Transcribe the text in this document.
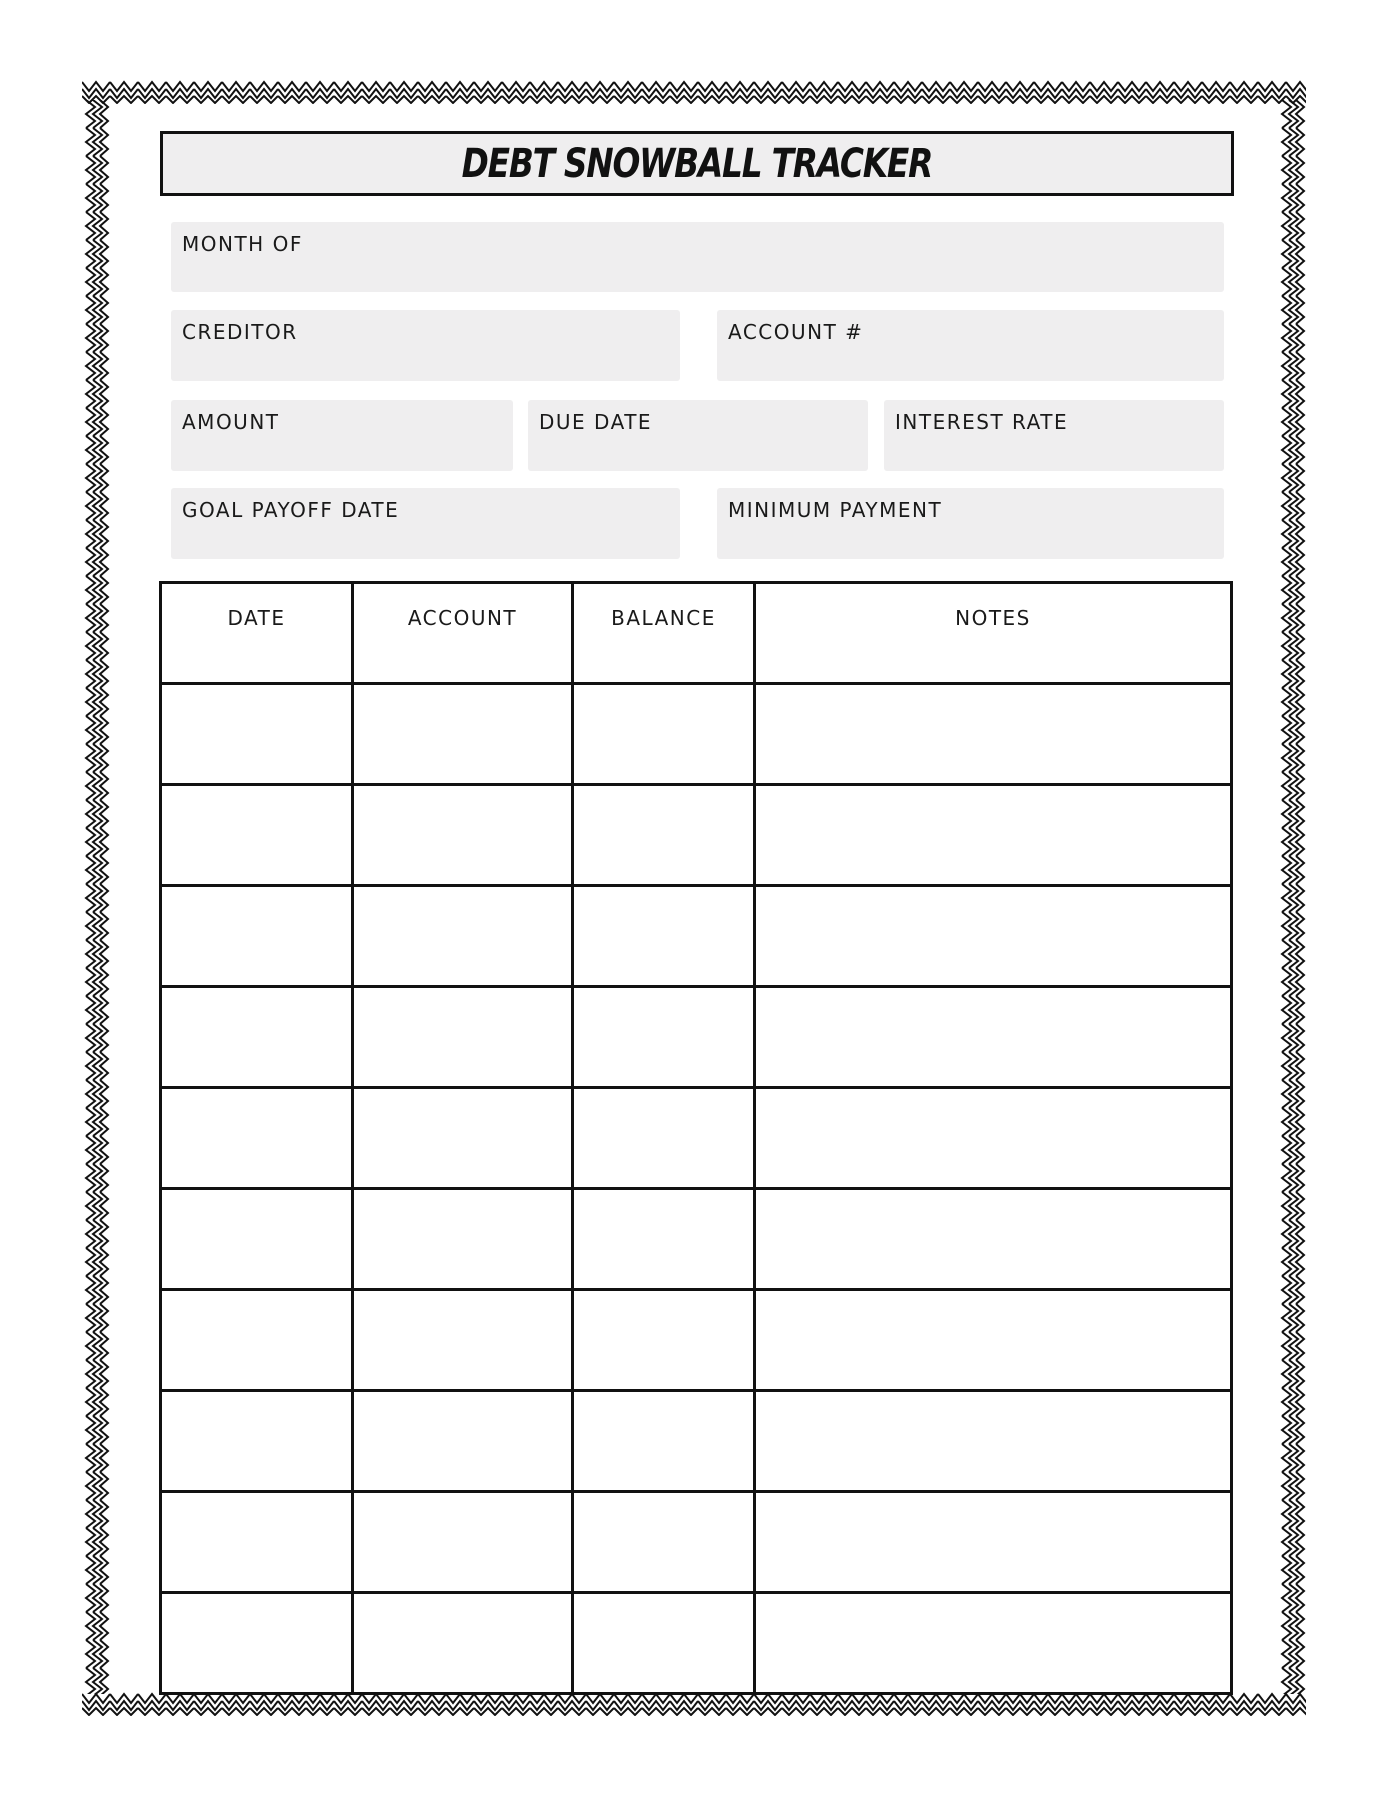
DEBT SNOWBALL TRACKER
MONTH OF
CREDITOR	ACCOUNT #
AMOUNT	DUE DATE	INTEREST RATE
GOAL PAYOFF DATE	MINIMUM PAYMENT
DATE	ACCOUNT	BALANCE	NOTES
